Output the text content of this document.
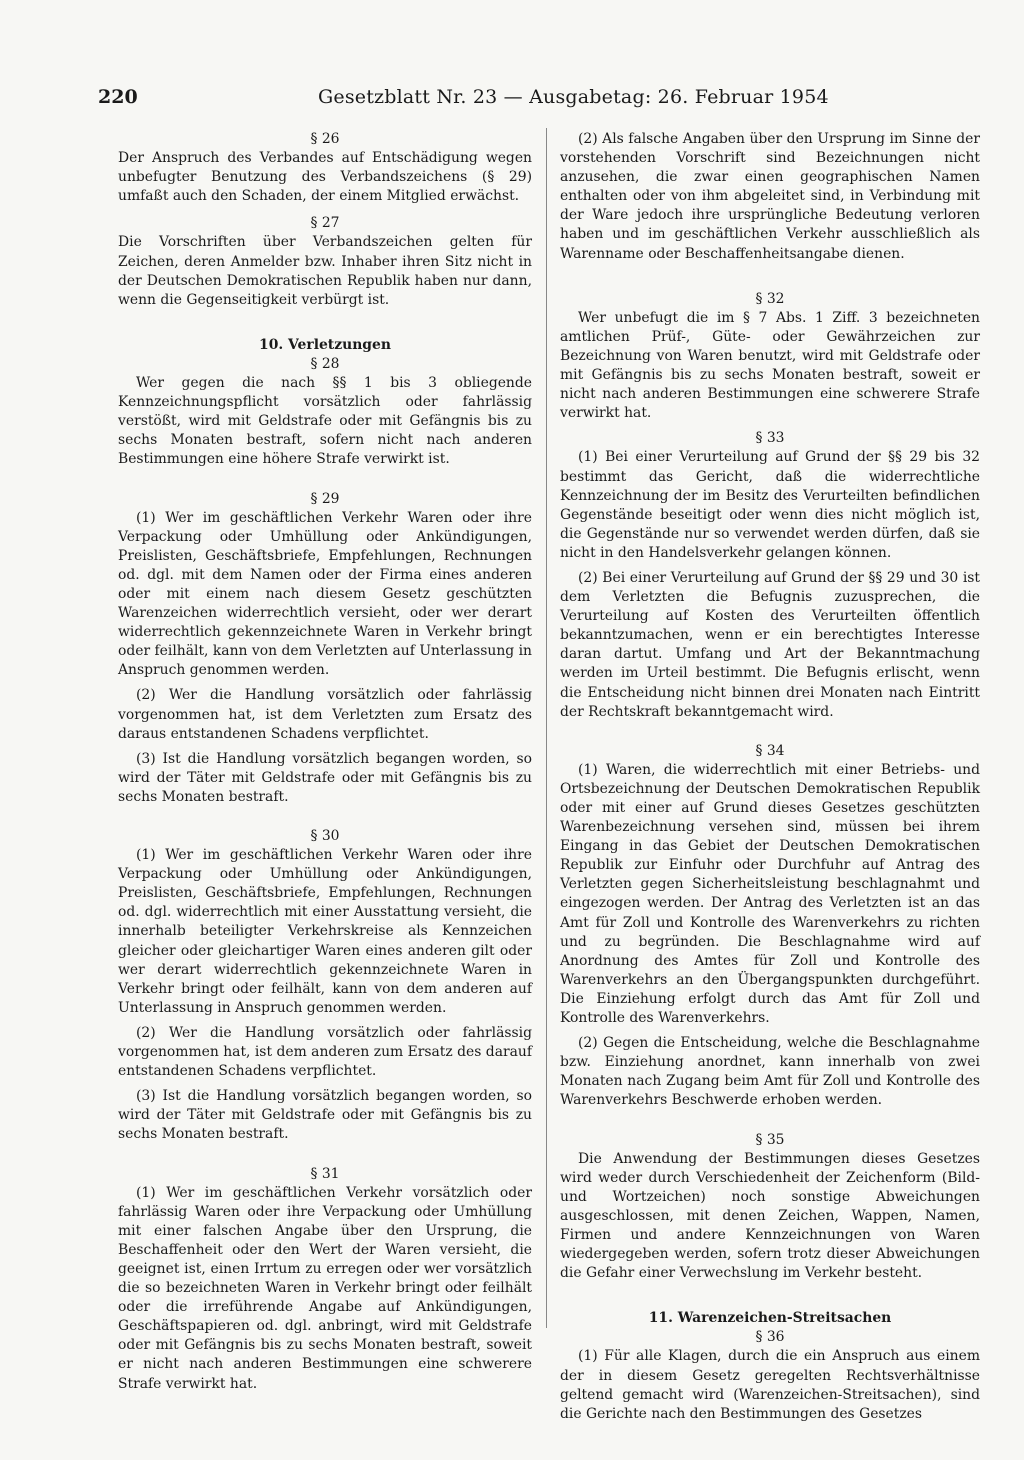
220	Gesetzblatt Nr. 23 — Ausgabetag: 26. Februar 1954

§ 26

Der Anspruch des Verbandes auf Entschädigung wegen unbefugter Benutzung des Verbandszeichens (§ 29) umfaßt auch den Schaden, der einem Mitglied erwächst.

§ 27

Die Vorschriften über Verbandszeichen gelten für Zeichen, deren Anmelder bzw. Inhaber ihren Sitz nicht in der Deutschen Demokratischen Republik haben nur dann, wenn die Gegenseitigkeit verbürgt ist.

10. Verletzungen

§ 28

Wer gegen die nach §§ 1 bis 3 obliegende Kennzeichnungspflicht vorsätzlich oder fahrlässig verstößt, wird mit Geldstrafe oder mit Gefängnis bis zu sechs Monaten bestraft, sofern nicht nach anderen Bestimmungen eine höhere Strafe verwirkt ist.

§ 29

(1) Wer im geschäftlichen Verkehr Waren oder ihre Verpackung oder Umhüllung oder Ankündigungen, Preislisten, Geschäftsbriefe, Empfehlungen, Rechnungen od. dgl. mit dem Namen oder der Firma eines anderen oder mit einem nach diesem Gesetz geschützten Warenzeichen widerrechtlich versieht, oder wer derart widerrechtlich gekennzeichnete Waren in Verkehr bringt oder feilhält, kann von dem Verletzten auf Unterlassung in Anspruch genommen werden.

(2) Wer die Handlung vorsätzlich oder fahrlässig vorgenommen hat, ist dem Verletzten zum Ersatz des daraus entstandenen Schadens verpflichtet.

(3) Ist die Handlung vorsätzlich begangen worden, so wird der Täter mit Geldstrafe oder mit Gefängnis bis zu sechs Monaten bestraft.

§ 30

(1) Wer im geschäftlichen Verkehr Waren oder ihre Verpackung oder Umhüllung oder Ankündigungen, Preislisten, Geschäftsbriefe, Empfehlungen, Rechnungen od. dgl. widerrechtlich mit einer Ausstattung versieht, die innerhalb beteiligter Verkehrskreise als Kennzeichen gleicher oder gleichartiger Waren eines anderen gilt oder wer derart widerrechtlich gekennzeichnete Waren in Verkehr bringt oder feilhält, kann von dem anderen auf Unterlassung in Anspruch genommen werden.

(2) Wer die Handlung vorsätzlich oder fahrlässig vorgenommen hat, ist dem anderen zum Ersatz des darauf entstandenen Schadens verpflichtet.

(3) Ist die Handlung vorsätzlich begangen worden, so wird der Täter mit Geldstrafe oder mit Gefängnis bis zu sechs Monaten bestraft.

§ 31

(1) Wer im geschäftlichen Verkehr vorsätzlich oder fahrlässig Waren oder ihre Verpackung oder Umhüllung mit einer falschen Angabe über den Ursprung, die Beschaffenheit oder den Wert der Waren versieht, die geeignet ist, einen Irrtum zu erregen oder wer vorsätzlich die so bezeichneten Waren in Verkehr bringt oder feilhält oder die irreführende Angabe auf Ankündigungen, Geschäftspapieren od. dgl. anbringt, wird mit Geldstrafe oder mit Gefängnis bis zu sechs Monaten bestraft, soweit er nicht nach anderen Bestimmungen eine schwerere Strafe verwirkt hat.

(2) Als falsche Angaben über den Ursprung im Sinne der vorstehenden Vorschrift sind Bezeichnungen nicht anzusehen, die zwar einen geographischen Namen enthalten oder von ihm abgeleitet sind, in Verbindung mit der Ware jedoch ihre ursprüngliche Bedeutung verloren haben und im geschäftlichen Verkehr ausschließlich als Warenname oder Beschaffenheitsangabe dienen.

§ 32

Wer unbefugt die im § 7 Abs. 1 Ziff. 3 bezeichneten amtlichen Prüf-, Güte- oder Gewährzeichen zur Bezeichnung von Waren benutzt, wird mit Geldstrafe oder mit Gefängnis bis zu sechs Monaten bestraft, soweit er nicht nach anderen Bestimmungen eine schwerere Strafe verwirkt hat.

§ 33

(1) Bei einer Verurteilung auf Grund der §§ 29 bis 32 bestimmt das Gericht, daß die widerrechtliche Kennzeichnung der im Besitz des Verurteilten befindlichen Gegenstände beseitigt oder wenn dies nicht möglich ist, die Gegenstände nur so verwendet werden dürfen, daß sie nicht in den Handelsverkehr gelangen können.

(2) Bei einer Verurteilung auf Grund der §§ 29 und 30 ist dem Verletzten die Befugnis zuzusprechen, die Verurteilung auf Kosten des Verurteilten öffentlich bekanntzumachen, wenn er ein berechtigtes Interesse daran dartut. Umfang und Art der Bekanntmachung werden im Urteil bestimmt. Die Befugnis erlischt, wenn die Entscheidung nicht binnen drei Monaten nach Eintritt der Rechtskraft bekanntgemacht wird.

§ 34

(1) Waren, die widerrechtlich mit einer Betriebs- und Ortsbezeichnung der Deutschen Demokratischen Republik oder mit einer auf Grund dieses Gesetzes geschützten Warenbezeichnung versehen sind, müssen bei ihrem Eingang in das Gebiet der Deutschen Demokratischen Republik zur Einfuhr oder Durchfuhr auf Antrag des Verletzten gegen Sicherheitsleistung beschlagnahmt und eingezogen werden. Der Antrag des Verletzten ist an das Amt für Zoll und Kontrolle des Warenverkehrs zu richten und zu begründen. Die Beschlagnahme wird auf Anordnung des Amtes für Zoll und Kontrolle des Warenverkehrs an den Übergangspunkten durchgeführt. Die Einziehung erfolgt durch das Amt für Zoll und Kontrolle des Warenverkehrs.

(2) Gegen die Entscheidung, welche die Beschlagnahme bzw. Einziehung anordnet, kann innerhalb von zwei Monaten nach Zugang beim Amt für Zoll und Kontrolle des Warenverkehrs Beschwerde erhoben werden.

§ 35

Die Anwendung der Bestimmungen dieses Gesetzes wird weder durch Verschiedenheit der Zeichenform (Bild- und Wortzeichen) noch sonstige Abweichungen ausgeschlossen, mit denen Zeichen, Wappen, Namen, Firmen und andere Kennzeichnungen von Waren wiedergegeben werden, sofern trotz dieser Abweichungen die Gefahr einer Verwechslung im Verkehr besteht.

11. Warenzeichen-Streitsachen

§ 36

(1) Für alle Klagen, durch die ein Anspruch aus einem der in diesem Gesetz geregelten Rechtsverhältnisse geltend gemacht wird (Warenzeichen-Streitsachen), sind die Gerichte nach den Bestimmungen des Gesetzes
